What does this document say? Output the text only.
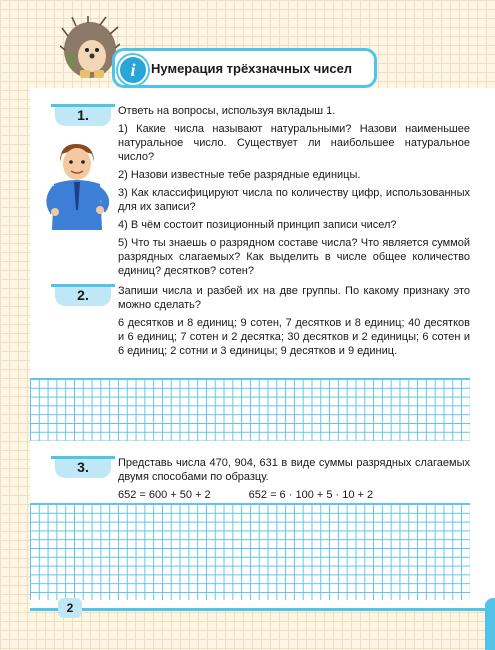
Нумерация трёхзначных чисел
i
1.	Ответь на вопросы, используя вкладыш 1.

1) Какие числа называют натуральными? Назови наименьшее натуральное число. Существует ли наибольшее натуральное число?

2) Назови известные тебе разрядные единицы.

3) Как классифицируют числа по количеству цифр, использованных для их записи?

4) В чём состоит позиционный принцип записи чисел?

5) Что ты знаешь о разрядном составе числа? Что является суммой разрядных слагаемых? Как выделить в числе общее количество единиц? десятков? сотен?

2.	Запиши числа и разбей их на две группы. По какому признаку это можно сделать?

6 десятков и 8 единиц; 9 сотен, 7 десятков и 8 единиц; 40 десятков и 6 единиц; 7 сотен и 2 десятка; 30 десятков и 2 единицы; 6 сотен и 6 единиц; 2 сотни и 3 единицы; 9 десятков и 9 единиц.

3.	Представь числа 470, 904, 631 в виде суммы разрядных слагаемых двумя способами по образцу.

652 = 600 + 50 + 2	652 = 6 · 100 + 5 · 10 + 2
2
